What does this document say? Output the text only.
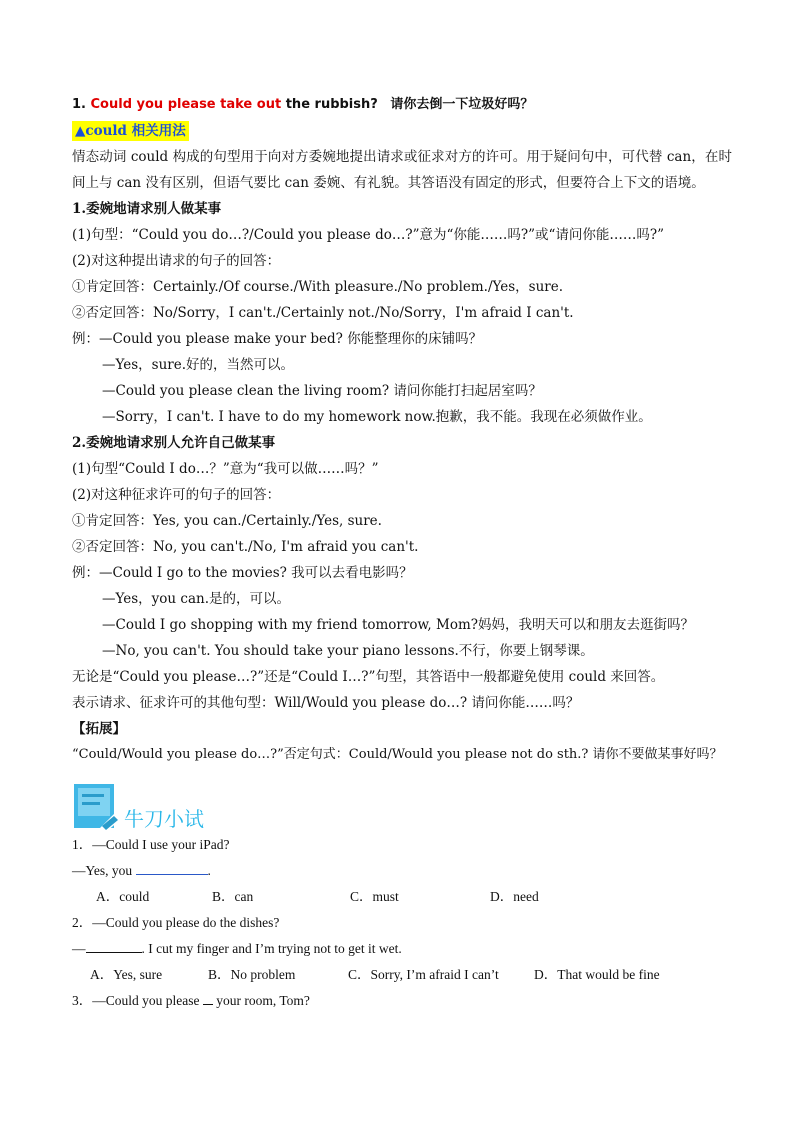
1. Could you please take out the rubbish? 请你去倒一下垃圾好吗？
▲could 相关用法
情态动词 could 构成的句型用于向对方委婉地提出请求或征求对方的许可。用于疑问句中，可代替 can，在时间上与 can 没有区别，但语气要比 can 委婉、有礼貌。其答语没有固定的形式，但要符合上下文的语境。
1.委婉地请求别人做某事
(1)句型：“Could you do…?/Could you please do…?”意为“你能……吗?”或“请问你能……吗?”
(2)对这种提出请求的句子的回答：
①肯定回答：Certainly./Of course./With pleasure./No problem./Yes，sure.
②否定回答：No/Sorry，I can't./Certainly not./No/Sorry，I'm afraid I can't.
例：—Could you please make your bed? 你能整理你的床铺吗？
—Yes，sure.好的，当然可以。
—Could you please clean the living room? 请问你能打扫起居室吗？
—Sorry，I can't. I have to do my homework now.抱歉，我不能。我现在必须做作业。
2.委婉地请求别人允许自己做某事
(1)句型“Could I do…？”意为“我可以做……吗？”
(2)对这种征求许可的句子的回答：
①肯定回答：Yes, you can./Certainly./Yes, sure.
②否定回答：No, you can't./No, I'm afraid you can't.
例：—Could I go to the movies? 我可以去看电影吗？
—Yes，you can.是的，可以。
—Could I go shopping with my friend tomorrow, Mom?妈妈，我明天可以和朋友去逛街吗？
—No, you can't. You should take your piano lessons.不行，你要上钢琴课。
无论是“Could you please…?”还是“Could I…?”句型，其答语中一般都避免使用 could 来回答。
表示请求、征求许可的其他句型：Will/Would you please do…? 请问你能……吗？
【拓展】
“Could/Would you please do…?”否定句式：Could/Would you please not do sth.? 请你不要做某事好吗？
牛刀小试
1．—Could I use your iPad?
—Yes, you	.
A．could	B．can	C．must	D．need
2．—Could you please do the dishes?
—	. I cut my finger and I’m trying not to get it wet.
A．Yes, sure	B．No problem	C．Sorry, I’m afraid I can’t	D．That would be fine
3．—Could you please your room, Tom?
